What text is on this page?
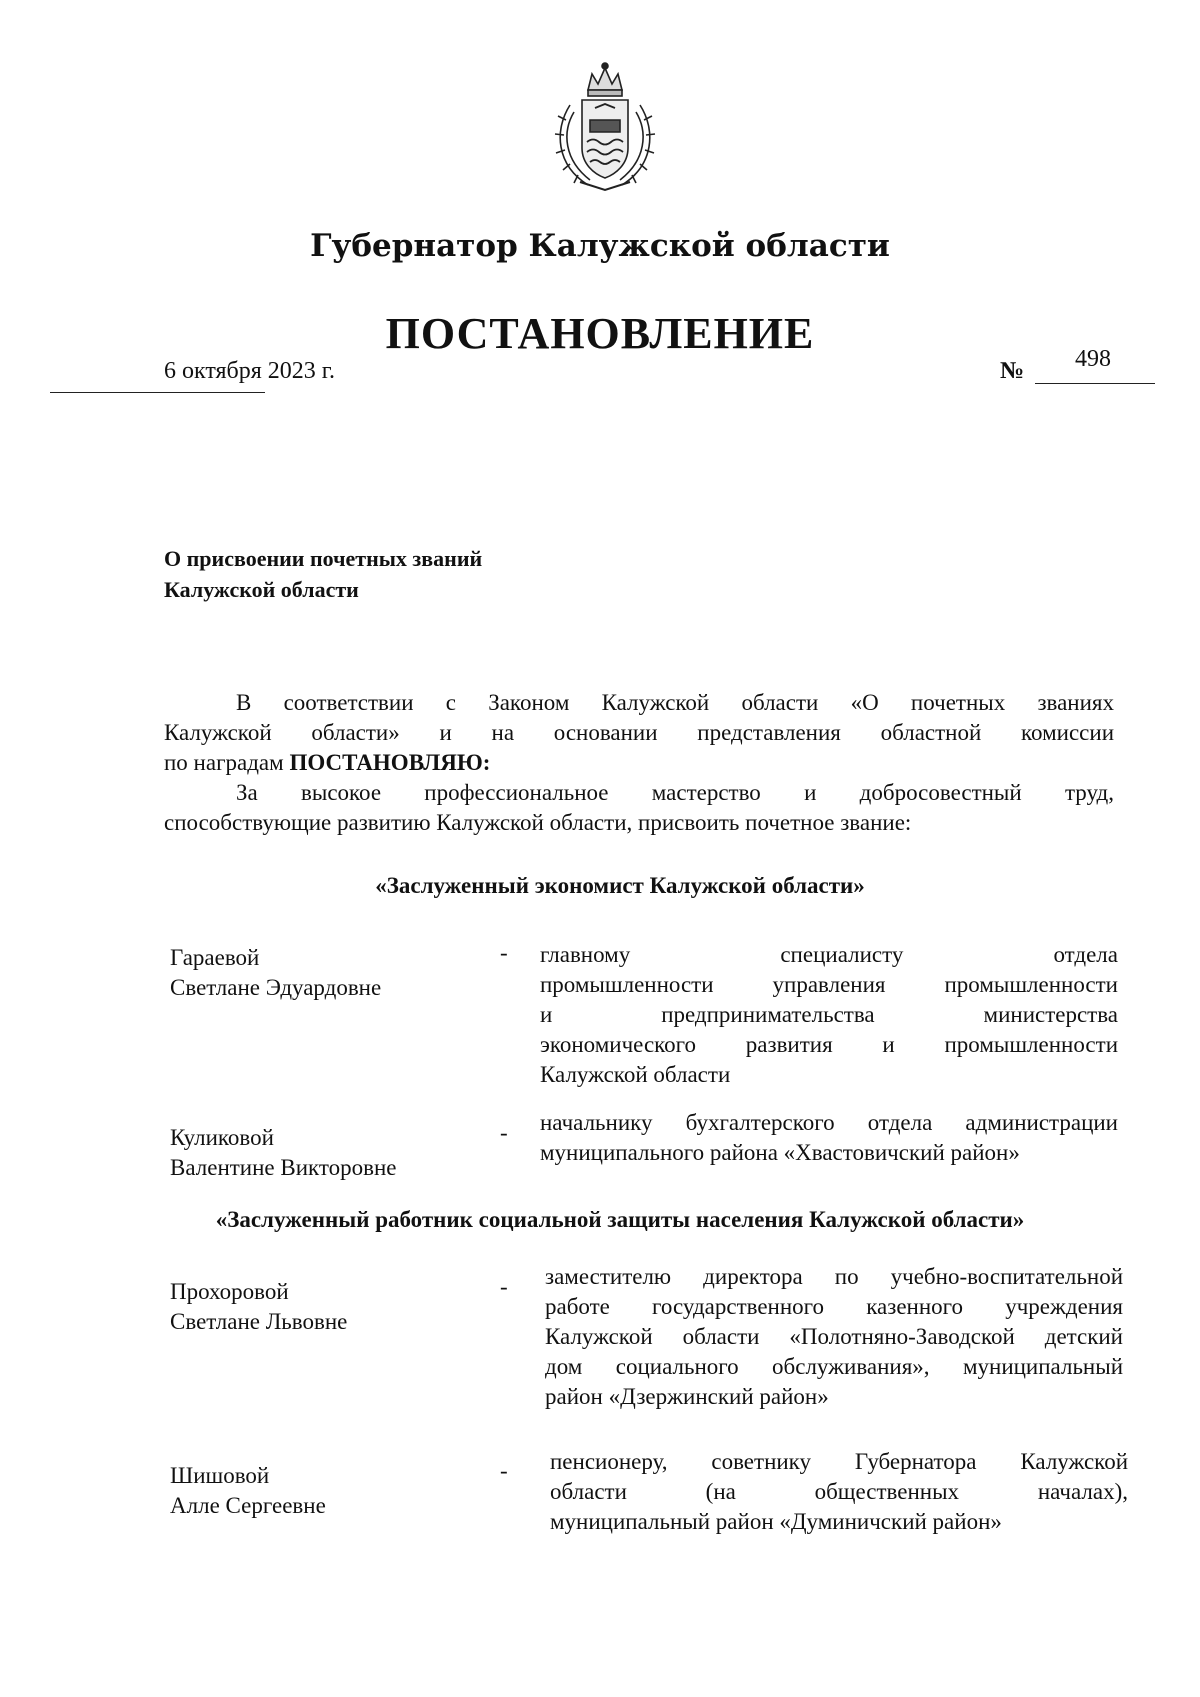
Губернатор Калужской области
ПОСТАНОВЛЕНИЕ
6 октября 2023 г.	№ 498
О присвоении почетных званий
Калужской области
В соответствии с Законом Калужской области «О почетных званиях
Калужской области» и на основании представления областной комиссии
по наградам ПОСТАНОВЛЯЮ:
За высокое профессиональное мастерство и добросовестный труд,
способствующие развитию Калужской области, присвоить почетное звание:
«Заслуженный экономист Калужской области»
Гараевой
Светлане Эдуардовне
- главному специалисту отдела
промышленности управления промышленности
и предпринимательства министерства
экономического развития и промышленности
Калужской области
Куликовой
Валентине Викторовне
- начальнику бухгалтерского отдела администрации
муниципального района «Хвастовичский район»
«Заслуженный работник социальной защиты населения Калужской области»
Прохоровой
Светлане Львовне
- заместителю директора по учебно-воспитательной
работе государственного казенного учреждения
Калужской области «Полотняно-Заводской детский
дом социального обслуживания», муниципальный
район «Дзержинский район»
Шишовой
Алле Сергеевне
- пенсионеру, советнику Губернатора Калужской
области (на общественных началах),
муниципальный район «Думиничский район»
